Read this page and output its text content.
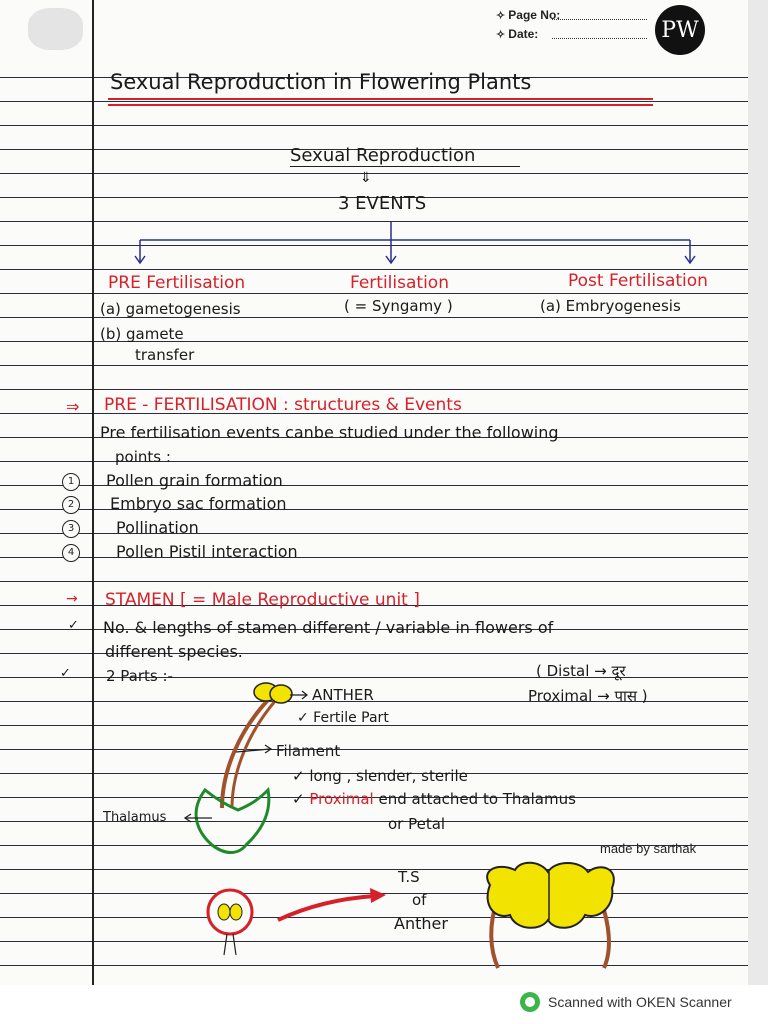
✧ Page No:
✧ Date:	PW
Sexual Reproduction in Flowering Plants
Sexual Reproduction
⇓
3 EVENTS
PRE Fertilisation	Fertilisation	Post Fertilisation
(a) gametogenesis
(b) gamete
transfer
( = Syngamy )	(a) Embryogenesis
⇒ PRE - FERTILISATION : structures & Events
Pre fertilisation events canbe studied under the following
points :
1	Pollen grain formation
2	Embryo sac formation
3	Pollination
4	Pollen Pistil interaction
→ STAMEN [ = Male Reproductive unit ]
✓ No. & lengths of stamen different / variable in flowers of
different species.
✓ 2 Parts :-	( Distal → दूर
Proximal → पास )
ANTHER
✓ Fertile Part
Filament
✓ long , slender, sterile
✓ Proximal end attached to Thalamus
or Petal
Thalamus
made by sarthak
T.S
of
Anther
Scanned with OKEN Scanner
